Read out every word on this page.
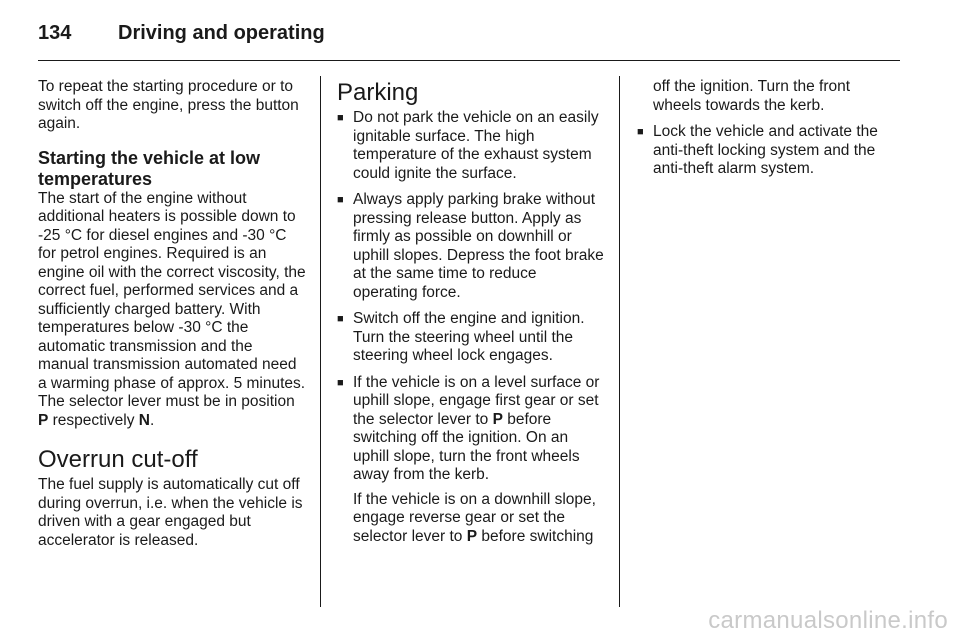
134 Driving and operating

To repeat the starting procedure or to switch off the engine, press the button again.

Starting the vehicle at low temperatures

The start of the engine without additional heaters is possible down to -25 °C for diesel engines and -30 °C for petrol engines. Required is an engine oil with the correct viscosity, the correct fuel, performed services and a sufficiently charged battery. With temperatures below -30 °C the automatic transmission and the manual transmission automated need a warming phase of approx. 5 minutes. The selector lever must be in position P respectively N.

Overrun cut-off

The fuel supply is automatically cut off during overrun, i.e. when the vehicle is driven with a gear engaged but accelerator is released.

Parking
■ Do not park the vehicle on an easily ignitable surface. The high temperature of the exhaust system could ignite the surface.
■ Always apply parking brake without pressing release button. Apply as firmly as possible on downhill or uphill slopes. Depress the foot brake at the same time to reduce operating force.
■ Switch off the engine and ignition. Turn the steering wheel until the steering wheel lock engages.
■ If the vehicle is on a level surface or uphill slope, engage first gear or set the selector lever to P before switching off the ignition. On an uphill slope, turn the front wheels away from the kerb.

If the vehicle is on a downhill slope, engage reverse gear or set the selector lever to P before switching

off the ignition. Turn the front wheels towards the kerb.

■ Lock the vehicle and activate the anti-theft locking system and the anti-theft alarm system.
carmanualsonline.info
